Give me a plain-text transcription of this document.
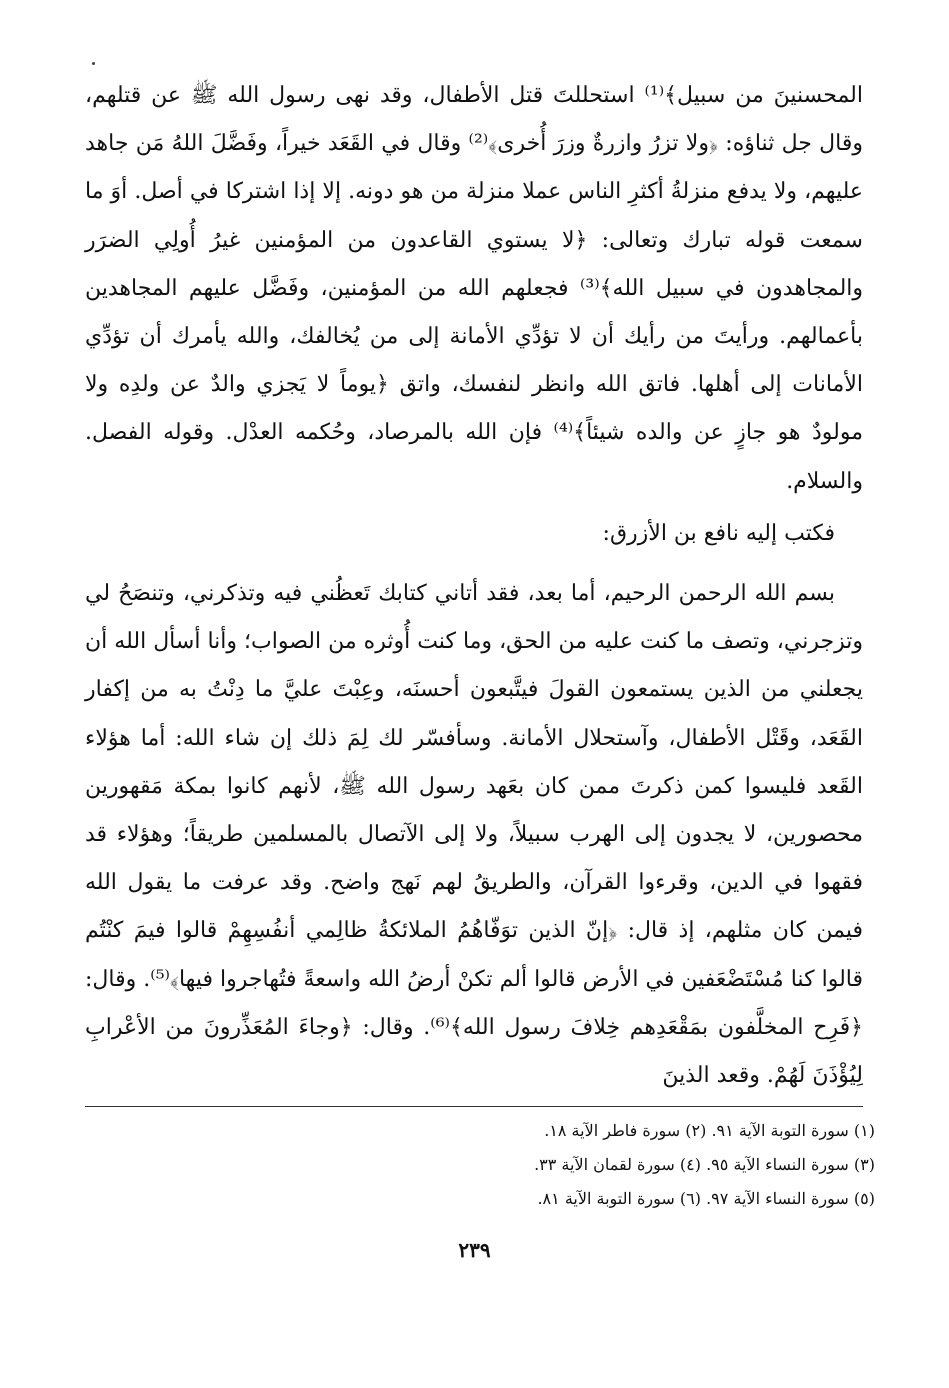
المحسنينَ من سبيل﴾⁽¹⁾ استحللتَ قتل الأطفال، وقد نهى رسول الله ﷺ عن قتلهم، وقال جل ثناؤه: ﴿ولا تزرُ وازرةٌ وزرَ أُخرى﴾⁽²⁾ وقال في القَعَد خيراً، وفَضَّلَ اللهُ مَن جاهد عليهم، ولا يدفع منزلةُ أكثرِ الناس عملا منزلة من هو دونه. إلا إذا اشتركا في أصل. أوَ ما سمعت قوله تبارك وتعالى: ﴿لا يستوي القاعدون من المؤمنين غيرُ أُولِي الضرَر والمجاهدون في سبيل الله﴾⁽³⁾ فجعلهم الله من المؤمنين، وفَضَّل عليهم المجاهدين بأعمالهم. ورأيتَ من رأيك أن لا تؤدِّي الأمانة إلى من يُخالفك، والله يأمرك أن تؤدِّي الأمانات إلى أهلها. فاتق الله وانظر لنفسك، واتق ﴿يوماً لا يَجزي والدٌ عن ولدِه ولا مولودٌ هو جازٍ عن والده شيئاً﴾⁽⁴⁾ فإن الله بالمرصاد، وحُكمه العدْل. وقوله الفصل. والسلام.

فكتب إليه نافع بن الأزرق:

بسم الله الرحمن الرحيم، أما بعد، فقد أتاني كتابك تَعظُني فيه وتذكرني، وتنصَحُ لي وتزجرني، وتصف ما كنت عليه من الحق، وما كنت أُوثره من الصواب؛ وأنا أسأل الله أن يجعلني من الذين يستمعون القولَ فيتَّبعون أحسنَه، وعِبْتَ عليَّ ما دِنْتُ به من إكفار القَعَد، وقَتْل الأطفال، وآستحلال الأمانة. وسأفسّر لك لِمَ ذلك إن شاء الله: أما هؤلاء القَعد فليسوا كمن ذكرتَ ممن كان بعَهد رسول الله ﷺ، لأنهم كانوا بمكة مَقهورين محصورين، لا يجدون إلى الهرب سبيلاً، ولا إلى الآتصال بالمسلمين طريقاً؛ وهؤلاء قد فقهوا في الدين، وقرءوا القرآن، والطريقُ لهم نَهج واضح. وقد عرفت ما يقول الله فيمن كان مثلهم، إذ قال: ﴿إنّ الذين توَفّاهُمُ الملائكةُ ظالِمي أنفُسِهِمْ قالوا فيمَ كنْتُم قالوا كنا مُسْتَضْعَفين في الأرض قالوا ألم تكنْ أرضُ الله واسعةً فتُهاجروا فيها﴾⁽⁵⁾. وقال: ﴿فَرِح المخلَّفون بمَقْعَدِهم خِلافَ رسول الله﴾⁽⁶⁾. وقال: ﴿وجاءَ المُعَذِّرونَ من الأعْرابِ لِيُؤْذَنَ لَهُمْ. وقعد الذينَ

(١) سورة التوبة الآية ٩١. (٢) سورة فاطر الآية ١٨.
(٣) سورة النساء الآية ٩٥. (٤) سورة لقمان الآية ٣٣.
(٥) سورة النساء الآية ٩٧. (٦) سورة التوبة الآية ٨١.
٢٣٩
